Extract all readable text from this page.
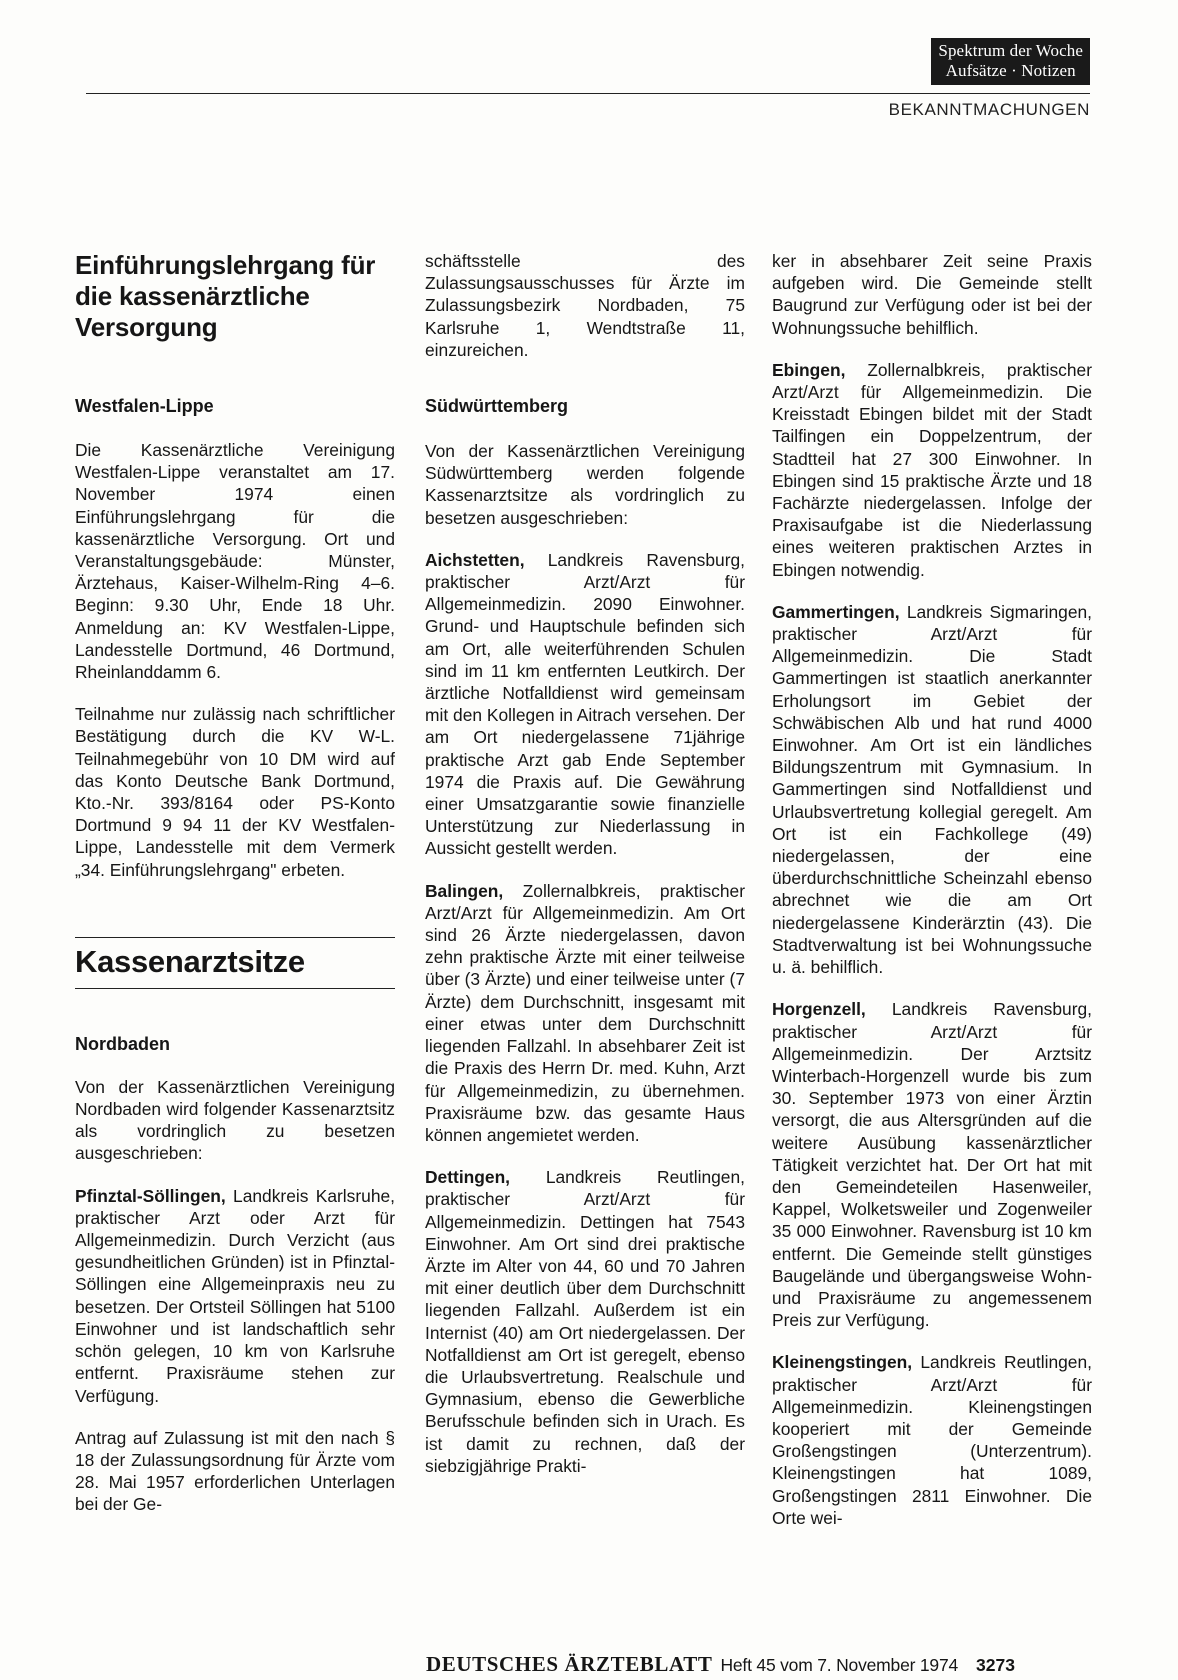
Spektrum der Woche
Aufsätze · Notizen
BEKANNTMACHUNGEN
Einführungslehrgang für die kassenärztliche Versorgung
Westfalen-Lippe

Die Kassenärztliche Vereinigung Westfalen-Lippe veranstaltet am 17. November 1974 einen Einführungslehrgang für die kassenärztliche Versorgung. Ort und Veranstaltungsgebäude: Münster, Ärztehaus, Kaiser-Wilhelm-Ring 4–6. Beginn: 9.30 Uhr, Ende 18 Uhr. Anmeldung an: KV Westfalen-Lippe, Landesstelle Dortmund, 46 Dortmund, Rheinlanddamm 6.

Teilnahme nur zulässig nach schriftlicher Bestätigung durch die KV W-L. Teilnahmegebühr von 10 DM wird auf das Konto Deutsche Bank Dortmund, Kto.-Nr. 393/8164 oder PS-Konto Dortmund 9 94 11 der KV Westfalen-Lippe, Landesstelle mit dem Vermerk „34. Einführungslehrgang" erbeten.

Kassenarztsitze
Nordbaden

Von der Kassenärztlichen Vereinigung Nordbaden wird folgender Kassenarztsitz als vordringlich zu besetzen ausgeschrieben:

Pfinztal-Söllingen, Landkreis Karlsruhe, praktischer Arzt oder Arzt für Allgemeinmedizin. Durch Verzicht (aus gesundheitlichen Gründen) ist in Pfinztal-Söllingen eine Allgemeinpraxis neu zu besetzen. Der Ortsteil Söllingen hat 5100 Einwohner und ist landschaftlich sehr schön gelegen, 10 km von Karlsruhe entfernt. Praxisräume stehen zur Verfügung.

Antrag auf Zulassung ist mit den nach § 18 der Zulassungsordnung für Ärzte vom 28. Mai 1957 erforderlichen Unterlagen bei der Ge-

schäftsstelle des Zulassungsausschusses für Ärzte im Zulassungsbezirk Nordbaden, 75 Karlsruhe 1, Wendtstraße 11, einzureichen.

Südwürttemberg

Von der Kassenärztlichen Vereinigung Südwürttemberg werden folgende Kassenarztsitze als vordringlich zu besetzen ausgeschrieben:

Aichstetten, Landkreis Ravensburg, praktischer Arzt/Arzt für Allgemeinmedizin. 2090 Einwohner. Grund- und Hauptschule befinden sich am Ort, alle weiterführenden Schulen sind im 11 km entfernten Leutkirch. Der ärztliche Notfalldienst wird gemeinsam mit den Kollegen in Aitrach versehen. Der am Ort niedergelassene 71jährige praktische Arzt gab Ende September 1974 die Praxis auf. Die Gewährung einer Umsatzgarantie sowie finanzielle Unterstützung zur Niederlassung in Aussicht gestellt werden.

Balingen, Zollernalbkreis, praktischer Arzt/Arzt für Allgemeinmedizin. Am Ort sind 26 Ärzte niedergelassen, davon zehn praktische Ärzte mit einer teilweise über (3 Ärzte) und einer teilweise unter (7 Ärzte) dem Durchschnitt, insgesamt mit einer etwas unter dem Durchschnitt liegenden Fallzahl. In absehbarer Zeit ist die Praxis des Herrn Dr. med. Kuhn, Arzt für Allgemeinmedizin, zu übernehmen. Praxisräume bzw. das gesamte Haus können angemietet werden.

Dettingen, Landkreis Reutlingen, praktischer Arzt/Arzt für Allgemeinmedizin. Dettingen hat 7543 Einwohner. Am Ort sind drei praktische Ärzte im Alter von 44, 60 und 70 Jahren mit einer deutlich über dem Durchschnitt liegenden Fallzahl. Außerdem ist ein Internist (40) am Ort niedergelassen. Der Notfalldienst am Ort ist geregelt, ebenso die Urlaubsvertretung. Realschule und Gymnasium, ebenso die Gewerbliche Berufsschule befinden sich in Urach. Es ist damit zu rechnen, daß der siebzigjährige Prakti-

ker in absehbarer Zeit seine Praxis aufgeben wird. Die Gemeinde stellt Baugrund zur Verfügung oder ist bei der Wohnungssuche behilflich.

Ebingen, Zollernalbkreis, praktischer Arzt/Arzt für Allgemeinmedizin. Die Kreisstadt Ebingen bildet mit der Stadt Tailfingen ein Doppelzentrum, der Stadtteil hat 27 300 Einwohner. In Ebingen sind 15 praktische Ärzte und 18 Fachärzte niedergelassen. Infolge der Praxisaufgabe ist die Niederlassung eines weiteren praktischen Arztes in Ebingen notwendig.

Gammertingen, Landkreis Sigmaringen, praktischer Arzt/Arzt für Allgemeinmedizin. Die Stadt Gammertingen ist staatlich anerkannter Erholungsort im Gebiet der Schwäbischen Alb und hat rund 4000 Einwohner. Am Ort ist ein ländliches Bildungszentrum mit Gymnasium. In Gammertingen sind Notfalldienst und Urlaubsvertretung kollegial geregelt. Am Ort ist ein Fachkollege (49) niedergelassen, der eine überdurchschnittliche Scheinzahl ebenso abrechnet wie die am Ort niedergelassene Kinderärztin (43). Die Stadtverwaltung ist bei Wohnungssuche u. ä. behilflich.

Horgenzell, Landkreis Ravensburg, praktischer Arzt/Arzt für Allgemeinmedizin. Der Arztsitz Winterbach-Horgenzell wurde bis zum 30. September 1973 von einer Ärztin versorgt, die aus Altersgründen auf die weitere Ausübung kassenärztlicher Tätigkeit verzichtet hat. Der Ort hat mit den Gemeindeteilen Hasenweiler, Kappel, Wolketsweiler und Zogenweiler 35 000 Einwohner. Ravensburg ist 10 km entfernt. Die Gemeinde stellt günstiges Baugelände und übergangsweise Wohn- und Praxisräume zu angemessenem Preis zur Verfügung.

Kleinengstingen, Landkreis Reutlingen, praktischer Arzt/Arzt für Allgemeinmedizin. Kleinengstingen kooperiert mit der Gemeinde Großengstingen (Unterzentrum). Kleinengstingen hat 1089, Großengstingen 2811 Einwohner. Die Orte wei-

DEUTSCHES ÄRZTEBLATT Heft 45 vom 7. November 1974 3273
